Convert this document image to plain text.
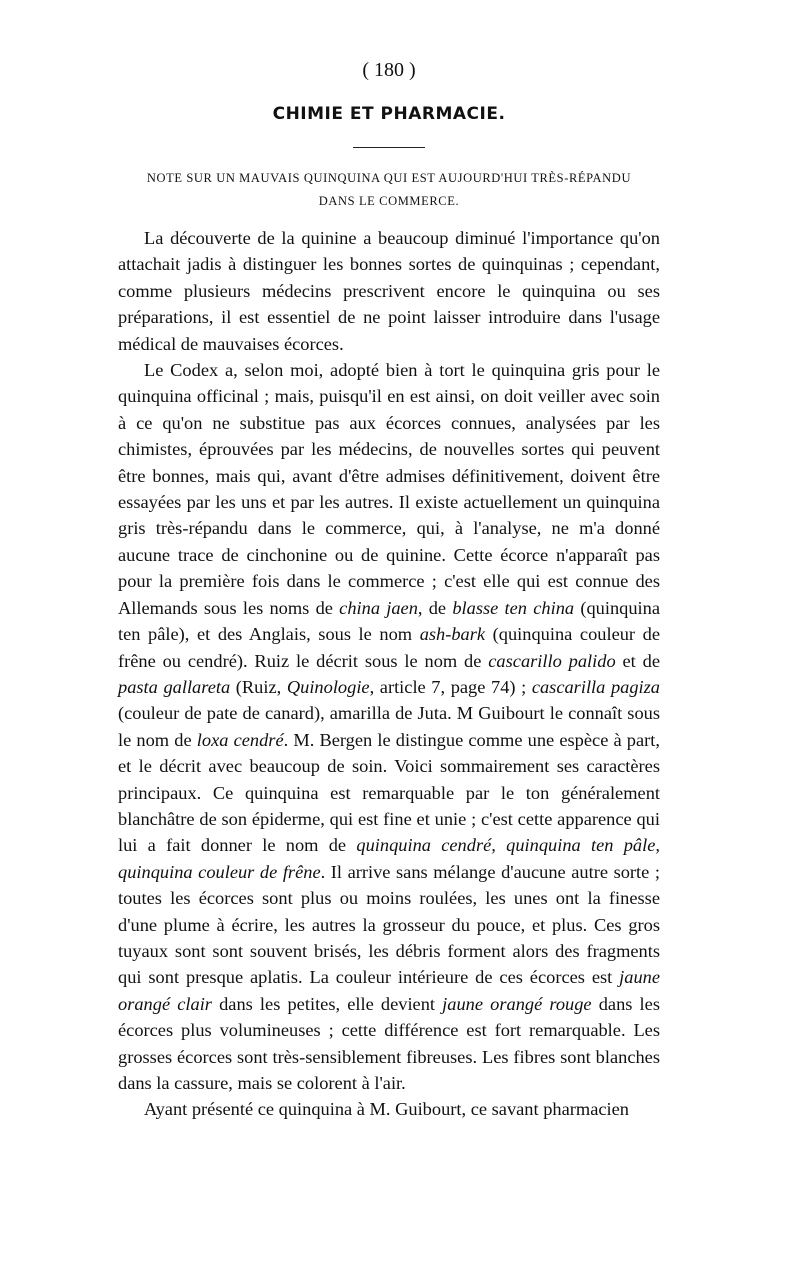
( 180 )

CHIMIE ET PHARMACIE.
NOTE SUR UN MAUVAIS QUINQUINA QUI EST AUJOURD'HUI TRÈS-RÉPANDU
DANS LE COMMERCE.

La découverte de la quinine a beaucoup diminué l'importance qu'on attachait jadis à distinguer les bonnes sortes de quinquinas ; cependant, comme plusieurs médecins prescrivent encore le quinquina ou ses préparations, il est essentiel de ne point laisser introduire dans l'usage médical de mauvaises écorces.

Le Codex a, selon moi, adopté bien à tort le quinquina gris pour le quinquina officinal ; mais, puisqu'il en est ainsi, on doit veiller avec soin à ce qu'on ne substitue pas aux écorces connues, analysées par les chimistes, éprouvées par les médecins, de nouvelles sortes qui peuvent être bonnes, mais qui, avant d'être admises définitivement, doivent être essayées par les uns et par les autres. Il existe actuellement un quinquina gris très-répandu dans le commerce, qui, à l'analyse, ne m'a donné aucune trace de cinchonine ou de quinine. Cette écorce n'apparaît pas pour la première fois dans le commerce ; c'est elle qui est connue des Allemands sous les noms de china jaen, de blasse ten china (quinquina ten pâle), et des Anglais, sous le nom ash-bark (quinquina couleur de frêne ou cendré). Ruiz le décrit sous le nom de cascarillo palido et de pasta gallareta (Ruiz, Quinologie, article 7, page 74) ; cascarilla pagiza (couleur de pate de canard), amarilla de Juta. M Guibourt le connaît sous le nom de loxa cendré. M. Bergen le distingue comme une espèce à part, et le décrit avec beaucoup de soin. Voici sommairement ses caractères principaux. Ce quinquina est remarquable par le ton généralement blanchâtre de son épiderme, qui est fine et unie ; c'est cette apparence qui lui a fait donner le nom de quinquina cendré, quinquina ten pâle, quinquina couleur de frêne. Il arrive sans mélange d'aucune autre sorte ; toutes les écorces sont plus ou moins roulées, les unes ont la finesse d'une plume à écrire, les autres la grosseur du pouce, et plus. Ces gros tuyaux sont sont souvent brisés, les débris forment alors des fragments qui sont presque aplatis. La couleur intérieure de ces écorces est jaune orangé clair dans les petites, elle devient jaune orangé rouge dans les écorces plus volumineuses ; cette différence est fort remarquable. Les grosses écorces sont très-sensiblement fibreuses. Les fibres sont blanches dans la cassure, mais se colorent à l'air.

Ayant présenté ce quinquina à M. Guibourt, ce savant pharmacien
